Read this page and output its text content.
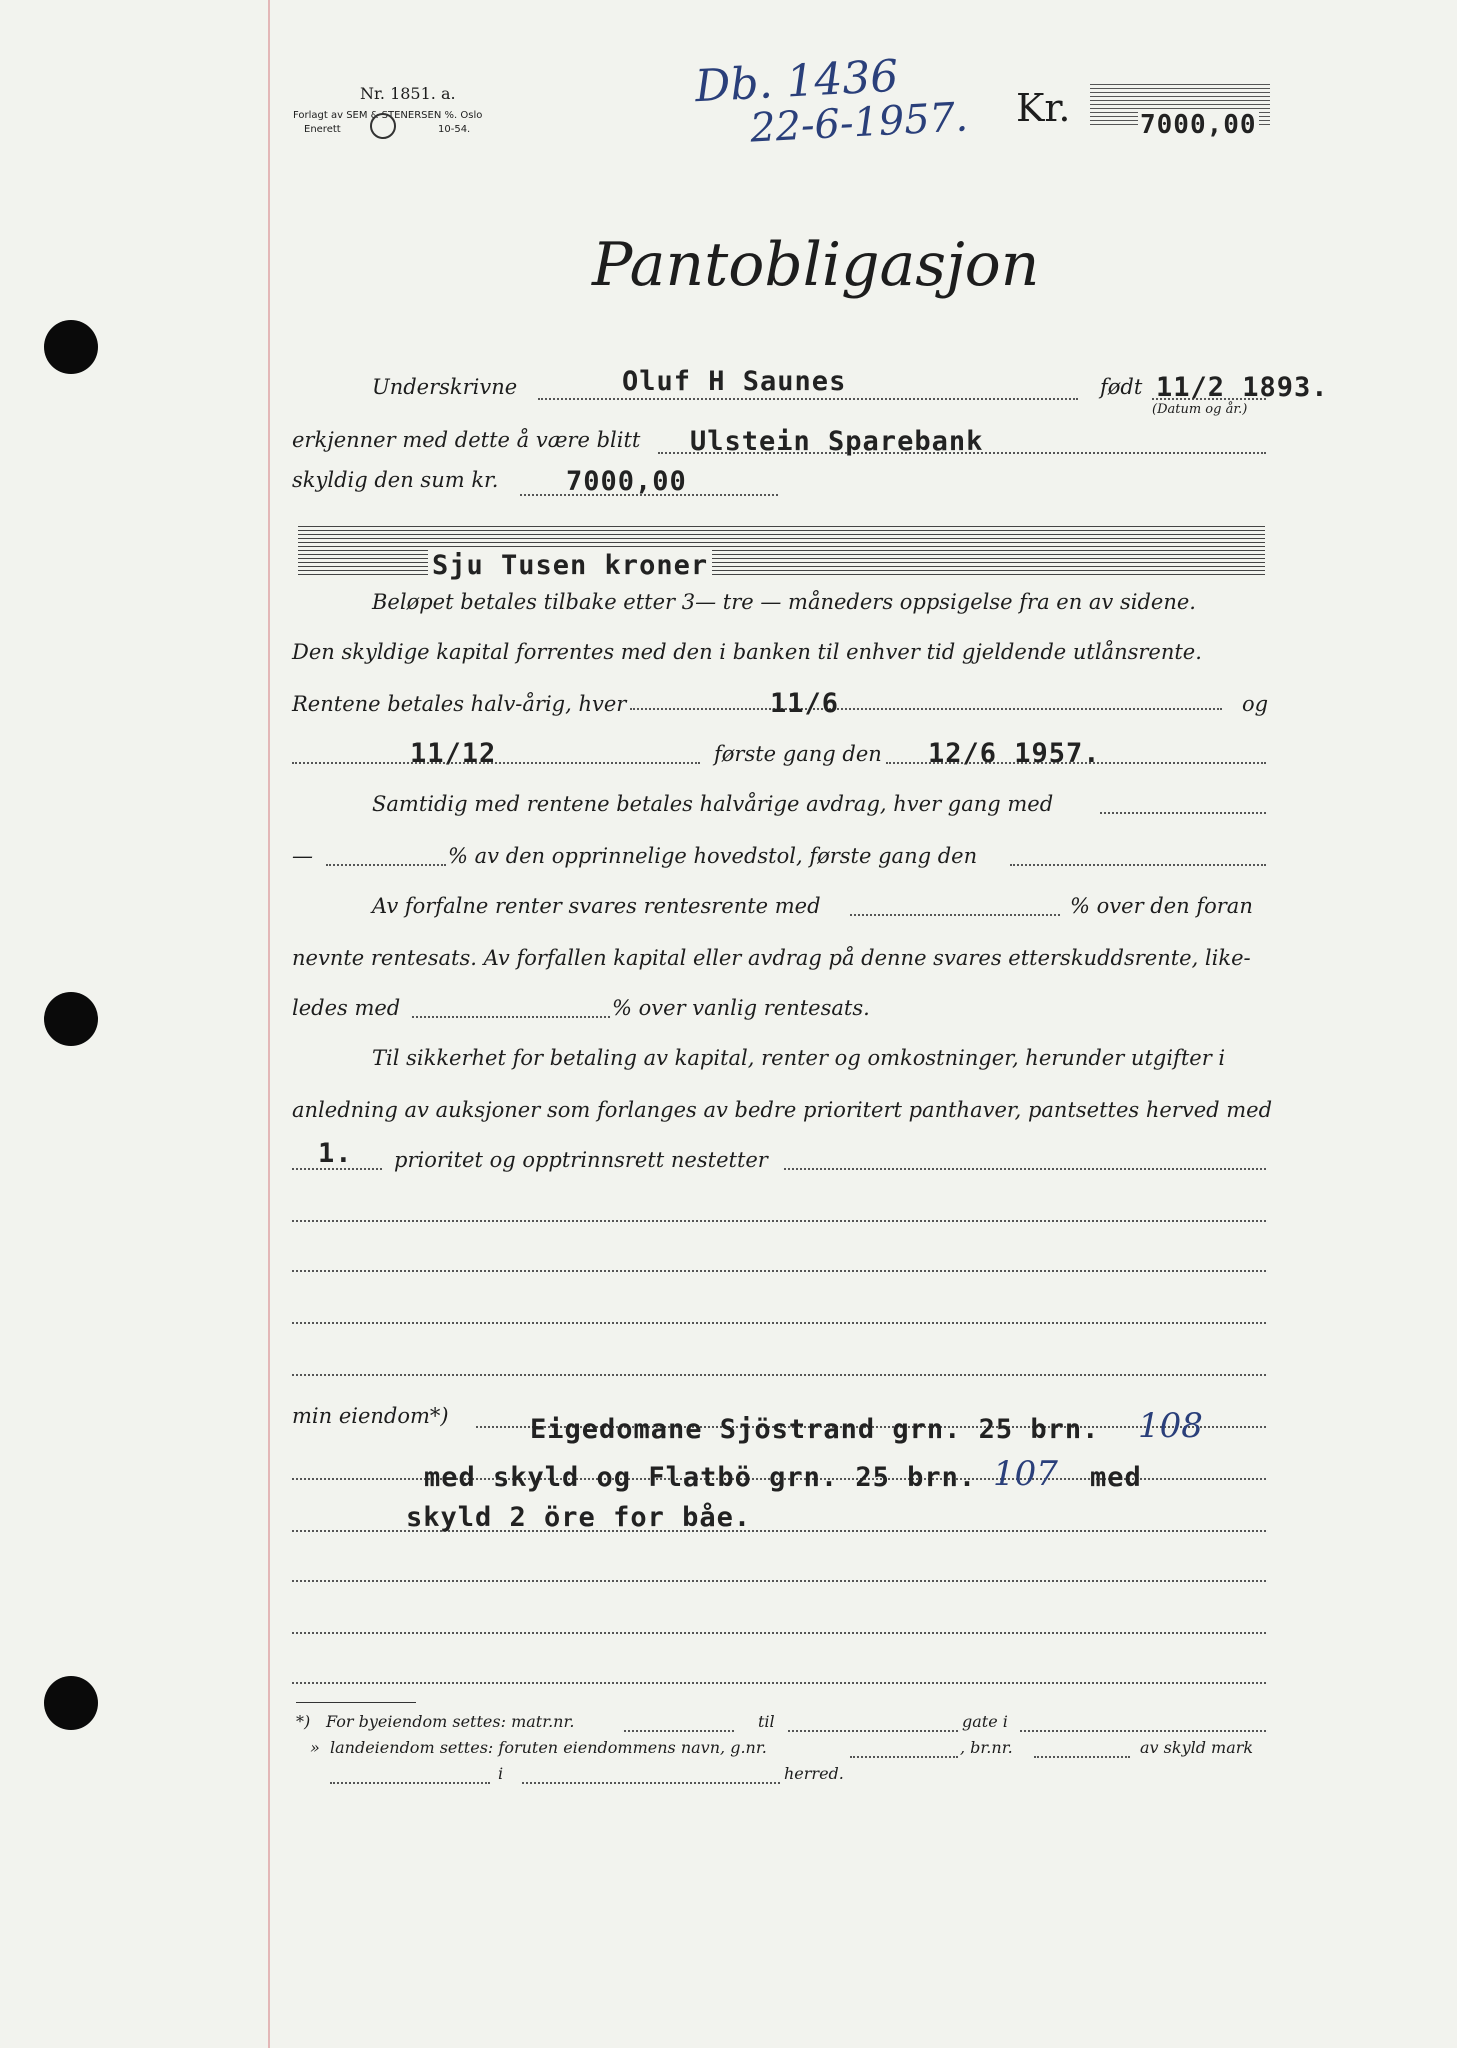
Nr. 1851. a.
Forlagt av SEM & STENERSEN %. Oslo
Enerett	10-54.
Db. 1436
22-6-1957. Kr.	7000,00
Pantobligasjon
Underskrivne	Oluf H Saunes	født 11/2 1893.
(Datum og år.)
erkjenner med dette å være blitt Ulstein Sparebank
skyldig den sum kr.	7000,00
Sju Tusen kroner
Beløpet betales tilbake etter 3— tre — måneders oppsigelse fra en av sidene.
Den skyldige kapital forrentes med den i banken til enhver tid gjeldende utlånsrente.
Rentene betales halv-årig, hver	11/6	og
11/12	første gang den 12/6 1957.
Samtidig med rentene betales halvårige avdrag, hver gang med
—	% av den opprinnelige hovedstol, første gang den
Av forfalne renter svares rentesrente med	% over den foran
nevnte rentesats. Av forfallen kapital eller avdrag på denne svares etterskuddsrente, like-
ledes med	% over vanlig rentesats.
Til sikkerhet for betaling av kapital, renter og omkostninger, herunder utgifter i
anledning av auksjoner som forlanges av bedre prioritert panthaver, pantsettes herved med
1. prioritet og opptrinnsrett nestetter
min eiendom*)	Eigedomane Sjöstrand grn. 25 brn. 108
med skyld og Flatbö grn. 25 brn. 107 med
skyld 2 öre for båe.
*) For byeiendom settes: matr.nr.	til	gate i
» landeiendom settes: foruten eiendommens navn, g.nr.	, br.nr.	av skyld mark
i	herred.
